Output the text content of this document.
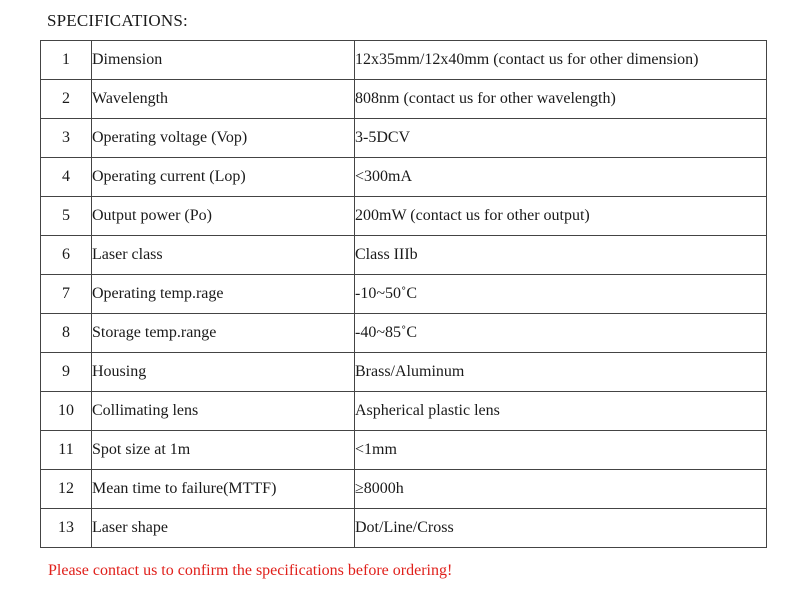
SPECIFICATIONS:
1	Dimension	12x35mm/12x40mm (contact us for other dimension)
2	Wavelength	808nm (contact us for other wavelength)
3	Operating voltage (Vop)	3-5DCV
4	Operating current (Lop)	<300mA
5	Output power (Po)	200mW (contact us for other output)
6	Laser class	Class IIIb
7	Operating temp.rage	-10~50˚C
8	Storage temp.range	-40~85˚C
9	Housing	Brass/Aluminum
10	Collimating lens	Aspherical plastic lens
11	Spot size at 1m	<1mm
12	Mean time to failure(MTTF)	≥8000h
13	Laser shape	Dot/Line/Cross
Please contact us to confirm the specifications before ordering!
